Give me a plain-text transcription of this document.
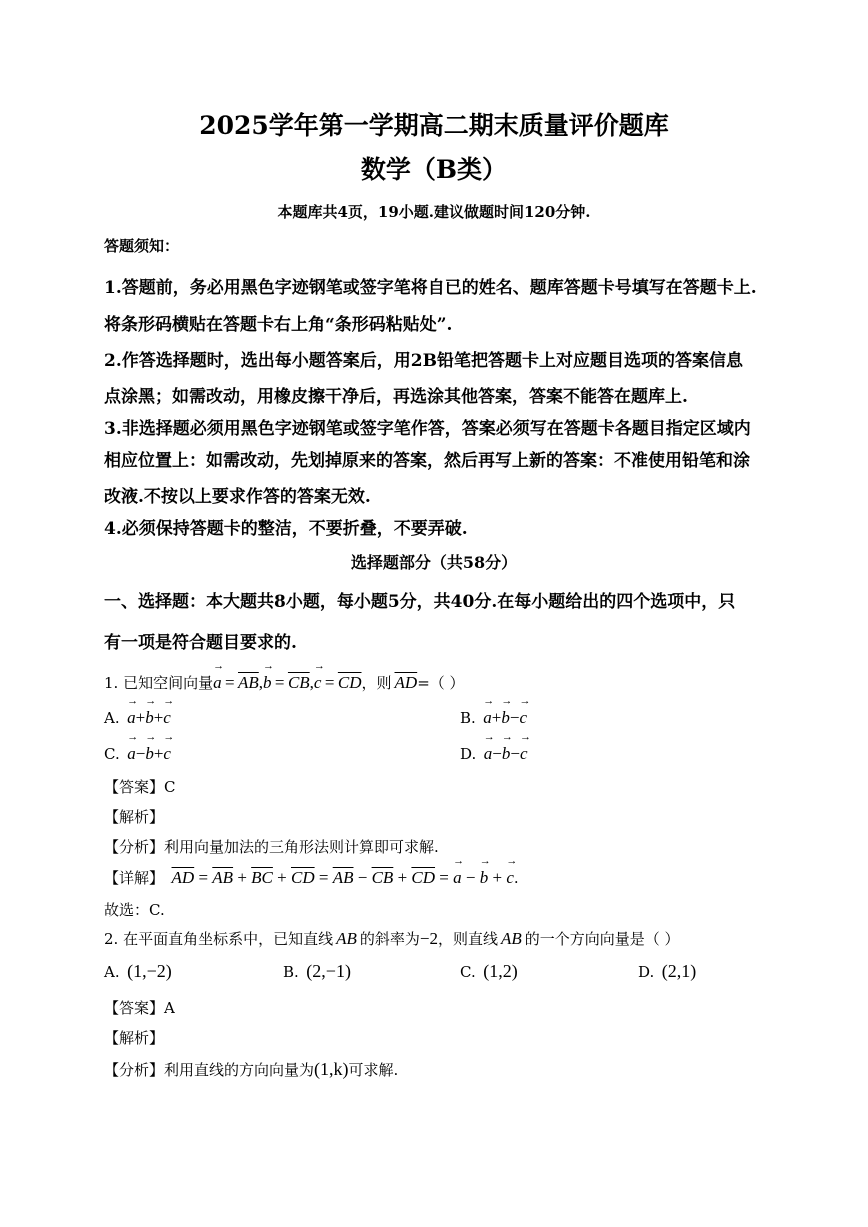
2025学年第一学期高二期末质量评价题库
数学（B类）
本题库共4页，19小题.建议做题时间120分钟.
答题须知：
1.答题前，务必用黑色字迹钢笔或签字笔将自已的姓名、题库答题卡号填写在答题卡上.
将条形码横贴在答题卡右上角“条形码粘贴处”.
2.作答选择题时，选出每小题答案后，用2B铅笔把答题卡上对应题目选项的答案信息
点涂黑；如需改动，用橡皮擦干净后，再选涂其他答案，答案不能答在题库上.
3.非选择题必须用黑色字迹钢笔或签字笔作答，答案必须写在答题卡各题目指定区域内
相应位置上：如需改动，先划掉原来的答案，然后再写上新的答案：不准使用铅笔和涂
改液.不按以上要求作答的答案无效.
4.必须保持答题卡的整洁，不要折叠，不要弄破.
选择题部分（共58分）
一、选择题：本大题共8小题，每小题5分，共40分.在每小题给出的四个选项中，只
有一项是符合题目要求的.
1. 已知空间向量→ $a = \overline{AB},\to b = \overline{CB},\to c = \overline{CD}$，则  $\overline{AD}=$（ ）
A.  → a+→ b+→ c	B.  → a+→ b−→ c
C.  → a−→ b+→ c	D.  → a−→ b−→ c
【答案】C
【解析】
【分析】利用向量加法的三角形法则计算即可求解.
【详解】  $\overline{AD} = \overline{AB} + \overline{BC} + \overline{CD} = \overline{AB} - \overline{CB} + \overline{CD}$ = → a − → b + → c.
故选：C.
2. 在平面直角坐标系中，已知直线  AB  的斜率为−2，则直线  AB  的一个方向向量是（ ）
A.  (1,−2)	B.  (2,−1)	C.  (1,2)	D.  (2,1)
【答案】A
【解析】
【分析】利用直线的方向向量为(1,k)可求解.
